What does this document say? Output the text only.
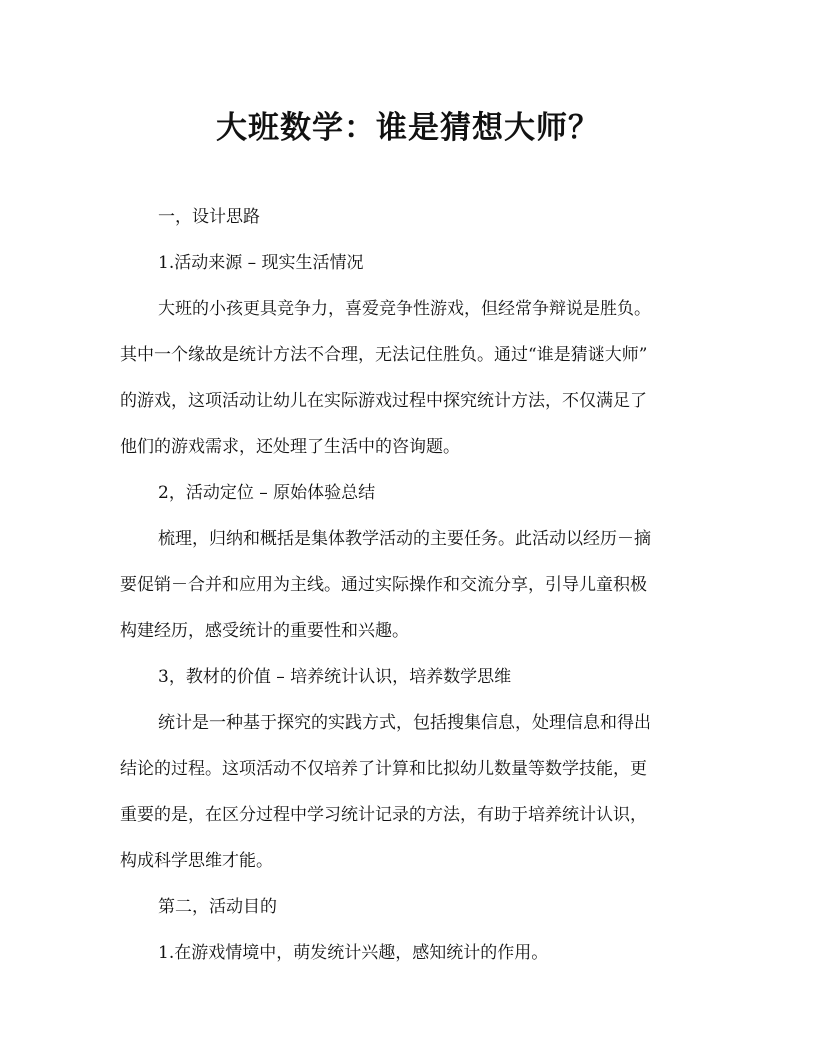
大班数学：谁是猜想大师？
一，设计思路
1.活动来源 – 现实生活情况
大班的小孩更具竞争力，喜爱竞争性游戏，但经常争辩说是胜负。
其中一个缘故是统计方法不合理，无法记住胜负。通过“谁是猜谜大师”
的游戏，这项活动让幼儿在实际游戏过程中探究统计方法，不仅满足了
他们的游戏需求，还处理了生活中的咨询题。
2，活动定位 – 原始体验总结
梳理，归纳和概括是集体教学活动的主要任务。此活动以经历－摘
要促销－合并和应用为主线。通过实际操作和交流分享，引导儿童积极
构建经历，感受统计的重要性和兴趣。
3，教材的价值 – 培养统计认识，培养数学思维
统计是一种基于探究的实践方式，包括搜集信息，处理信息和得出
结论的过程。这项活动不仅培养了计算和比拟幼儿数量等数学技能，更
重要的是，在区分过程中学习统计记录的方法，有助于培养统计认识，
构成科学思维才能。
第二，活动目的
1.在游戏情境中，萌发统计兴趣，感知统计的作用。
